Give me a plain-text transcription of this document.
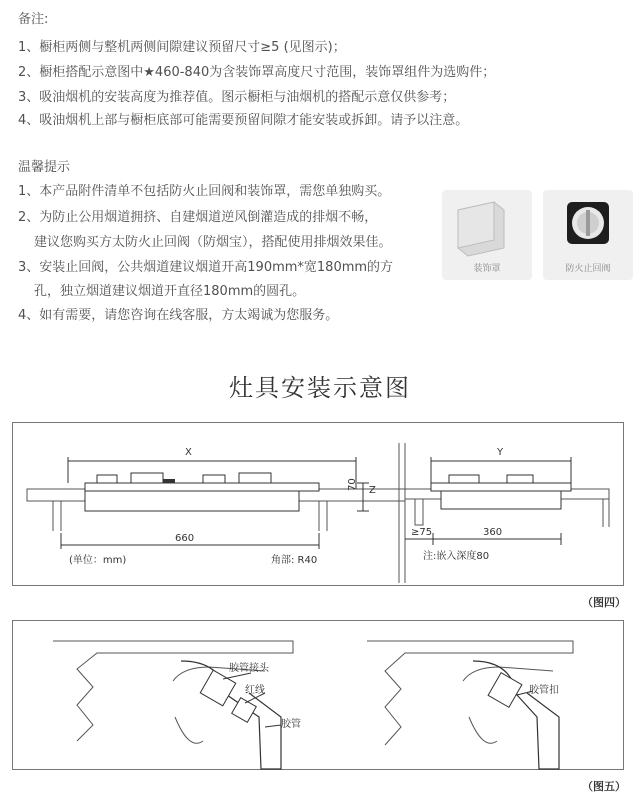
备注:
1、橱柜两侧与整机两侧间隙建议预留尺寸≥5 (见图示)；
2、橱柜搭配示意图中★460-840为含装饰罩高度尺寸范围，装饰罩组件为选购件；
3、吸油烟机的安装高度为推荐值。图示橱柜与油烟机的搭配示意仅供参考；
4、吸油烟机上部与橱柜底部可能需要预留间隙才能安装或拆卸。请予以注意。
温馨提示
1、本产品附件清单不包括防火止回阀和装饰罩，需您单独购买。
2、为防止公用烟道拥挤、自建烟道逆风倒灌造成的排烟不畅，
建议您购买方太防火止回阀（防烟宝），搭配使用排烟效果佳。
3、安装止回阀，公共烟道建议烟道开高190mm*宽180mm的方
孔，独立烟道建议烟道开直径180mm的圆孔。
4、如有需要，请您咨询在线客服，方太竭诚为您服务。
装饰罩	防火止回阀
灶具安装示意图
X
660
70 Z
(单位：mm)	角部: R40
Y
≥75	360
注:嵌入深度80
（图四）
胶管接头
红线
胶管
胶管扣
（图五）
